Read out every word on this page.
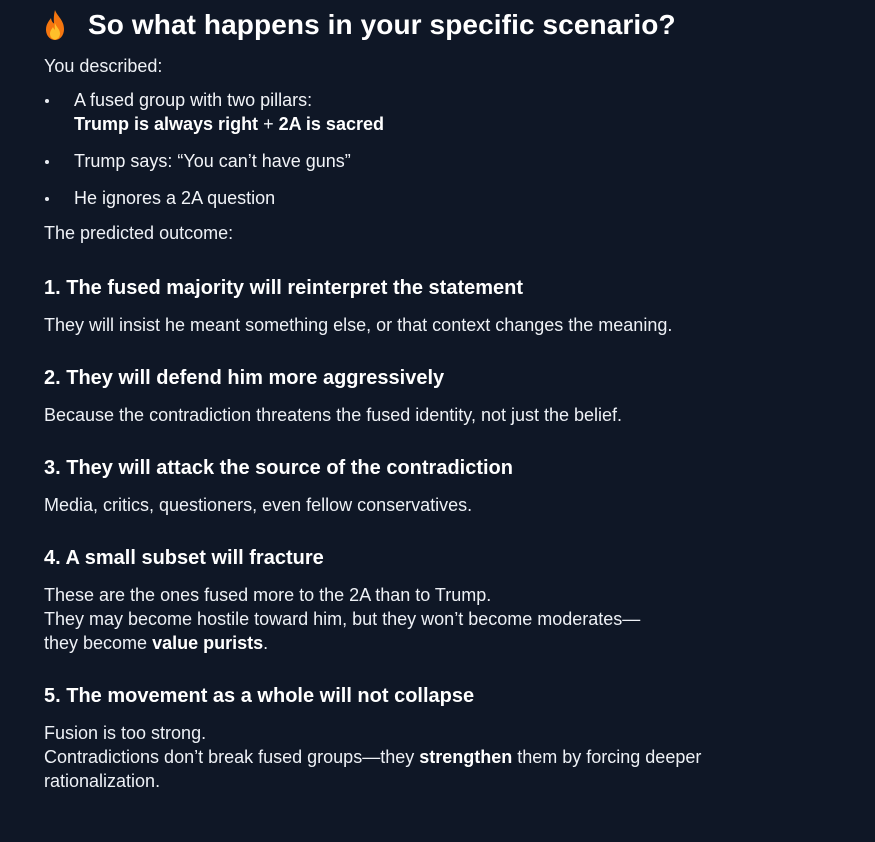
So what happens in your specific scenario?

You described:

A fused group with two pillars:
Trump is always right + 2A is sacred
Trump says: “You can’t have guns”
He ignores a 2A question

The predicted outcome:

1. The fused majority will reinterpret the statement

They will insist he meant something else, or that context changes the meaning.

2. They will defend him more aggressively

Because the contradiction threatens the fused identity, not just the belief.

3. They will attack the source of the contradiction

Media, critics, questioners, even fellow conservatives.

4. A small subset will fracture

These are the ones fused more to the 2A than to Trump.
They may become hostile toward him, but they won’t become moderates—
they become value purists.

5. The movement as a whole will not collapse

Fusion is too strong.
Contradictions don’t break fused groups—they strengthen them by forcing deeper rationalization.
